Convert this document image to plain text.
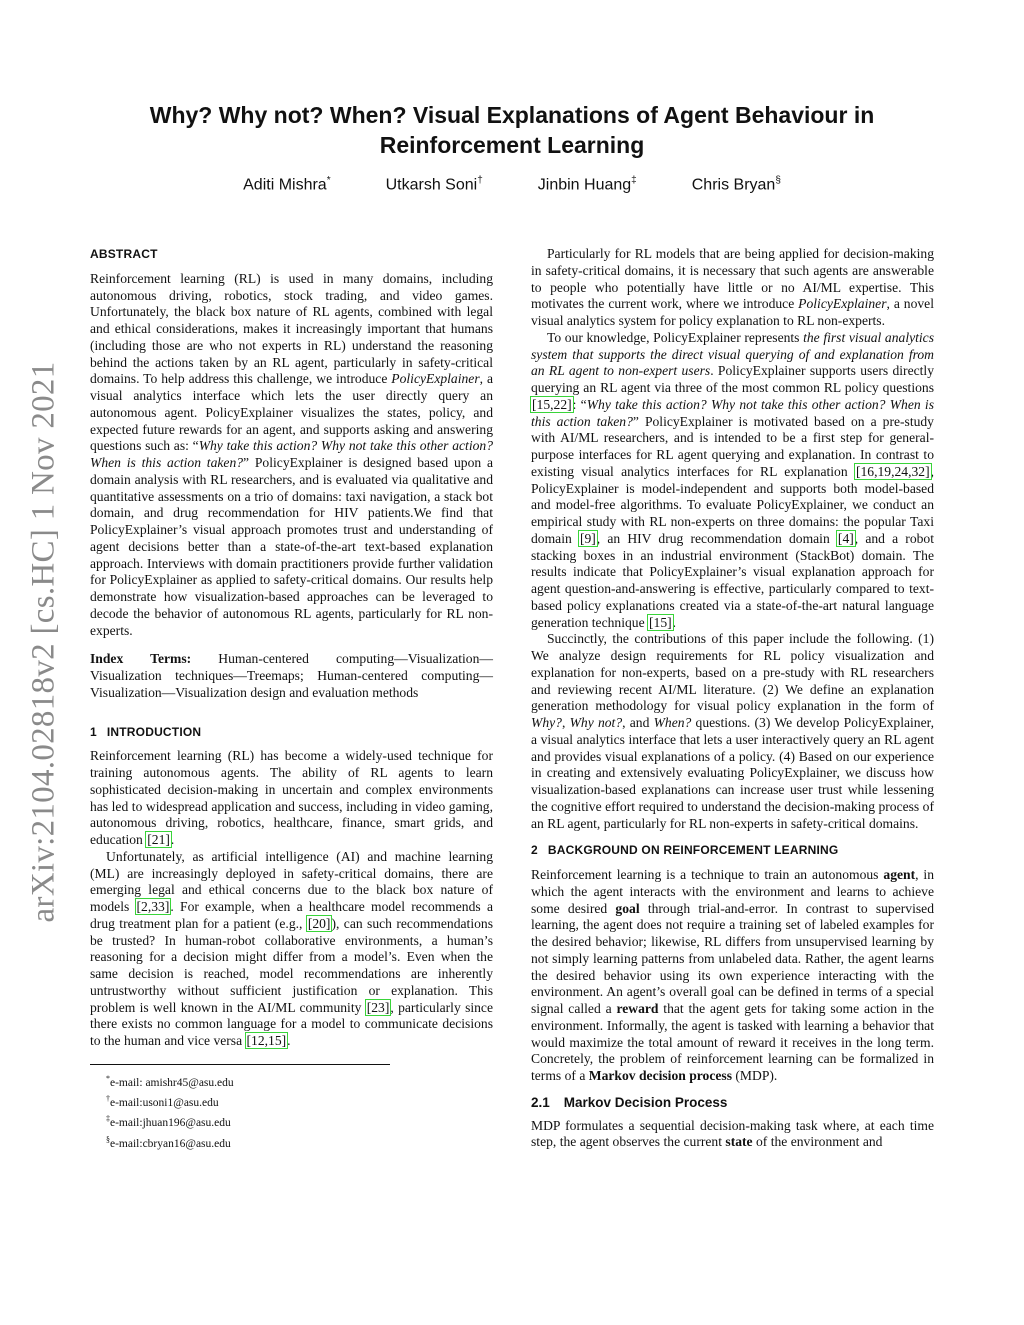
arXiv:2104.02818v2 [cs.HC] 1 Nov 2021
Why? Why not? When? Visual Explanations of Agent Behaviour in
Reinforcement Learning
Aditi Mishra*	Utkarsh Soni†	Jinbin Huang‡	Chris Bryan§
ABSTRACT

Reinforcement learning (RL) is used in many domains, including autonomous driving, robotics, stock trading, and video games. Unfortunately, the black box nature of RL agents, combined with legal and ethical considerations, makes it increasingly important that humans (including those are who not experts in RL) understand the reasoning behind the actions taken by an RL agent, particularly in safety-critical domains. To help address this challenge, we introduce PolicyExplainer, a visual analytics interface which lets the user directly query an autonomous agent. PolicyExplainer visualizes the states, policy, and expected future rewards for an agent, and supports asking and answering questions such as: “Why take this action? Why not take this other action? When is this action taken?” PolicyExplainer is designed based upon a domain analysis with RL researchers, and is evaluated via qualitative and quantitative assessments on a trio of domains: taxi navigation, a stack bot domain, and drug recommendation for HIV patients.We find that PolicyExplainer’s visual approach promotes trust and understanding of agent decisions better than a state-of-the-art text-based explanation approach. Interviews with domain practitioners provide further validation for PolicyExplainer as applied to safety-critical domains. Our results help demonstrate how visualization-based approaches can be leveraged to decode the behavior of autonomous RL agents, particularly for RL non-experts.

Index Terms: Human-centered computing—Visualization—Visualization techniques—Treemaps; Human-centered computing—Visualization—Visualization design and evaluation methods

1 INTRODUCTION

Reinforcement learning (RL) has become a widely-used technique for training autonomous agents. The ability of RL agents to learn sophisticated decision-making in uncertain and complex environments has led to widespread application and success, including in video gaming, autonomous driving, robotics, healthcare, finance, smart grids, and education [21].

Unfortunately, as artificial intelligence (AI) and machine learning (ML) are increasingly deployed in safety-critical domains, there are emerging legal and ethical concerns due to the black box nature of models [2,33]. For example, when a healthcare model recommends a drug treatment plan for a patient (e.g., [20]), can such recommendations be trusted? In human-robot collaborative environments, a human’s reasoning for a decision might differ from a model’s. Even when the same decision is reached, model recommendations are inherently untrustworthy without sufficient justification or explanation. This problem is well known in the AI/ML community [23], particularly since there exists no common language for a model to communicate decisions to the human and vice versa [12,15].

*e-mail: amishr45@asu.edu

†e-mail:usoni1@asu.edu

‡e-mail:jhuan196@asu.edu

§e-mail:cbryan16@asu.edu

Particularly for RL models that are being applied for decision-making in safety-critical domains, it is necessary that such agents are answerable to people who potentially have little or no AI/ML expertise. This motivates the current work, where we introduce PolicyExplainer, a novel visual analytics system for policy explanation to RL non-experts.

To our knowledge, PolicyExplainer represents the first visual analytics system that supports the direct visual querying of and explanation from an RL agent to non-expert users. PolicyExplainer supports users directly querying an RL agent via three of the most common RL policy questions [15,22]: “Why take this action? Why not take this other action? When is this action taken?” PolicyExplainer is motivated based on a pre-study with AI/ML researchers, and is intended to be a first step for general-purpose interfaces for RL agent querying and explanation. In contrast to existing visual analytics interfaces for RL explanation [16,19,24,32], PolicyExplainer is model-independent and supports both model-based and model-free algorithms. To evaluate PolicyExplainer, we conduct an empirical study with RL non-experts on three domains: the popular Taxi domain [9], an HIV drug recommendation domain [4], and a robot stacking boxes in an industrial environment (StackBot) domain. The results indicate that PolicyExplainer’s visual explanation approach for agent question-and-answering is effective, particularly compared to text-based policy explanations created via a state-of-the-art natural language generation technique [15].

Succinctly, the contributions of this paper include the following. (1) We analyze design requirements for RL policy visualization and explanation for non-experts, based on a pre-study with RL researchers and reviewing recent AI/ML literature. (2) We define an explanation generation methodology for visual policy explanation in the form of Why?, Why not?, and When? questions. (3) We develop PolicyExplainer, a visual analytics interface that lets a user interactively query an RL agent and provides visual explanations of a policy. (4) Based on our experience in creating and extensively evaluating PolicyExplainer, we discuss how visualization-based explanations can increase user trust while lessening the cognitive effort required to understand the decision-making process of an RL agent, particularly for RL non-experts in safety-critical domains.

2 BACKGROUND ON REINFORCEMENT LEARNING

Reinforcement learning is a technique to train an autonomous agent, in which the agent interacts with the environment and learns to achieve some desired goal through trial-and-error. In contrast to supervised learning, the agent does not require a training set of labeled examples for the desired behavior; likewise, RL differs from unsupervised learning by not simply learning patterns from unlabeled data. Rather, the agent learns the desired behavior using its own experience interacting with the environment. An agent’s overall goal can be defined in terms of a special signal called a reward that the agent gets for taking some action in the environment. Informally, the agent is tasked with learning a behavior that would maximize the total amount of reward it receives in the long term. Concretely, the problem of reinforcement learning can be formalized in terms of a Markov decision process (MDP).

2.1 Markov Decision Process

MDP formulates a sequential decision-making task where, at each time step, the agent observes the current state of the environment and
